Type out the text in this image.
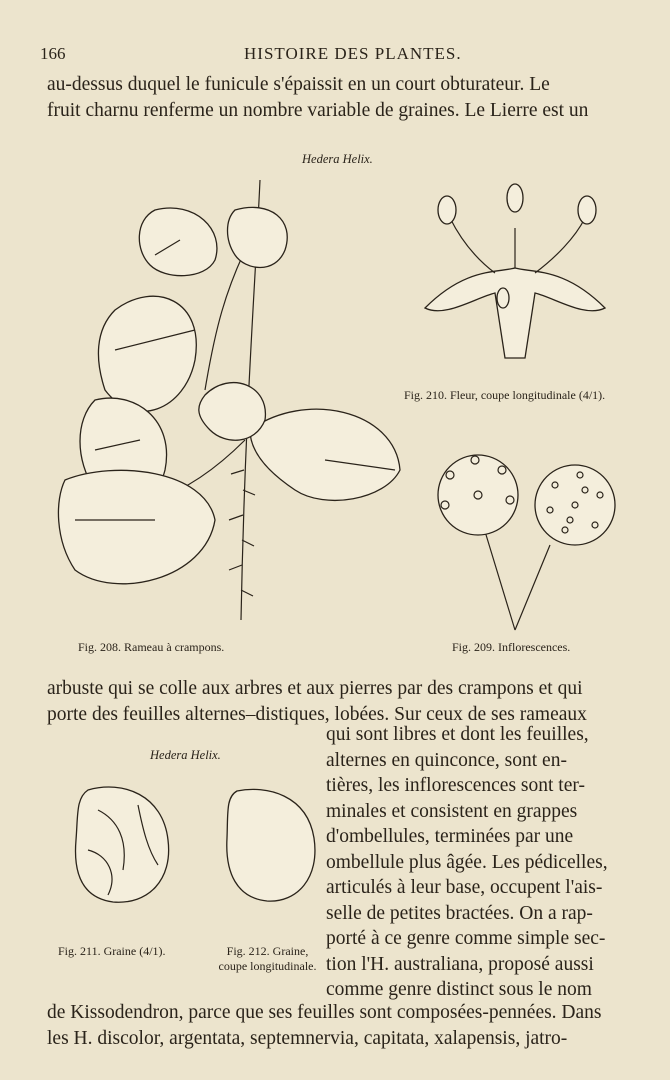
166	HISTOIRE DES PLANTES.
au-dessus duquel le funicule s'épaissit en un court obturateur. Le
fruit charnu renferme un nombre variable de graines. Le Lierre est un
Hedera Helix.
Fig. 210. Fleur, coupe longitudinale (4/1).
Fig. 208. Rameau à crampons.	Fig. 209. Inflorescences.
arbuste qui se colle aux arbres et aux pierres par des crampons et qui
porte des feuilles alternes–distiques, lobées. Sur ceux de ses rameaux
Hedera Helix.
Fig. 211. Graine (4/1).	Fig. 212. Graine,
coupe longitudinale.
qui sont libres et dont les feuilles,
alternes en quinconce, sont en-
tières, les inflorescences sont ter-
minales et consistent en grappes
d'ombellules, terminées par une
ombellule plus âgée. Les pédicelles,
articulés à leur base, occupent l'ais-
selle de petites bractées. On a rap-
porté à ce genre comme simple sec-
tion l'H. australiana, proposé aussi
comme genre distinct sous le nom
de Kissodendron, parce que ses feuilles sont composées-pennées. Dans
les H. discolor, argentata, septemnervia, capitata, xalapensis, jatro-
